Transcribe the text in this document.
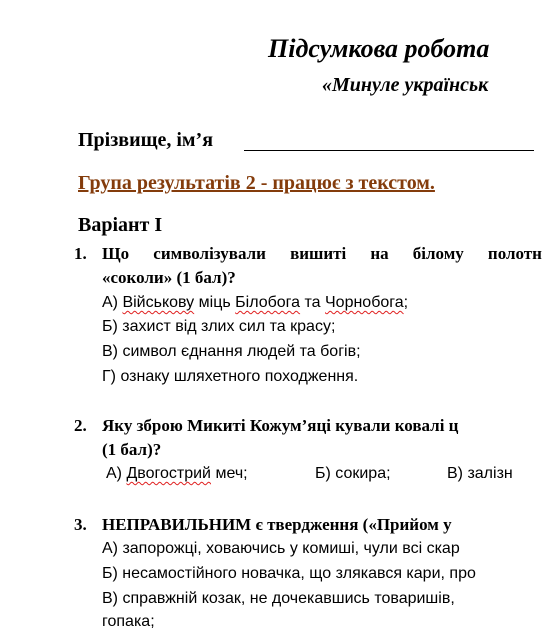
Підсумкова робота
«Минуле українськ
Прізвище, ім’я
Група результатів 2 - працює з текстом.
Варіант І
1. Що символізували вишиті на білому полотн
«соколи» (1 бал)?
А) Військову міць Білобога та Чорнобога;
Б) захист від злих сил та красу;
В) символ єднання людей та богів;
Г) ознаку шляхетного походження.
2. Яку зброю Микиті Кожум’яці кували ковалі ц
(1 бал)?
А) Двогострий меч;	Б) сокира;	В) залізн
3. НЕПРАВИЛЬНИМ є твердження («Прийом у
А) запорожці, ховаючись у комиші, чули всі скар
Б) несамостійного новачка, що злякався кари, про
В) справжній козак, не дочекавшись товаришів,
гопака;
